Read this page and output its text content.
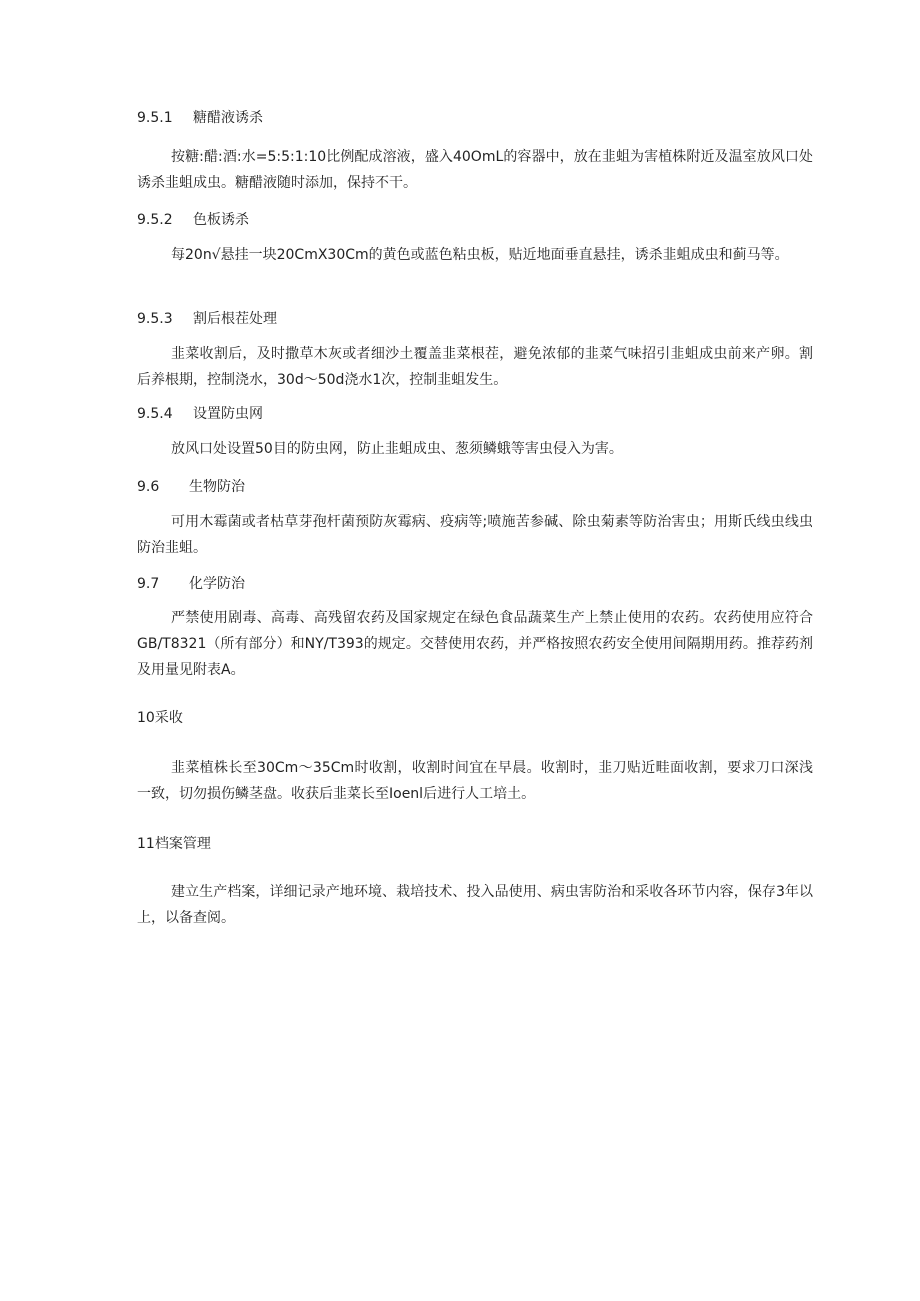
9.5.1 糖醋液诱杀

按糖:醋:酒:水=5:5:1:10比例配成溶液，盛入40OmL的容器中，放在韭蛆为害植株附近及温室放风口处诱杀韭蛆成虫。糖醋液随时添加，保持不干。

9.5.2 色板诱杀

每20n√悬挂一块20CmX30Cm的黄色或蓝色粘虫板，贴近地面垂直悬挂，诱杀韭蛆成虫和蓟马等。

9.5.3 割后根茬处理

韭菜收割后，及时撒草木灰或者细沙土覆盖韭菜根茬，避免浓郁的韭菜气味招引韭蛆成虫前来产卵。割后养根期，控制浇水，30d～50d浇水1次，控制韭蛆发生。

9.5.4 设置防虫网

放风口处设置50目的防虫网，防止韭蛆成虫、葱须鳞蛾等害虫侵入为害。

9.6 生物防治

可用木霉菌或者枯草芽孢杆菌预防灰霉病、疫病等;喷施苦参碱、除虫菊素等防治害虫；用斯氏线虫线虫防治韭蛆。

9.7 化学防治

严禁使用剧毒、高毒、高残留农药及国家规定在绿色食品蔬菜生产上禁止使用的农药。农药使用应符合GB/T8321（所有部分）和NY/T393的规定。交替使用农药，并严格按照农药安全使用间隔期用药。推荐药剂及用量见附表A。

10采收

韭菜植株长至30Cm～35Cm时收割，收割时间宜在早晨。收割时，韭刀贴近畦面收割，要求刀口深浅一致，切勿损伤鳞茎盘。收获后韭菜长至Ioenl后进行人工培土。

11档案管理

建立生产档案，详细记录产地环境、栽培技术、投入品使用、病虫害防治和采收各环节内容，保存3年以上，以备查阅。
